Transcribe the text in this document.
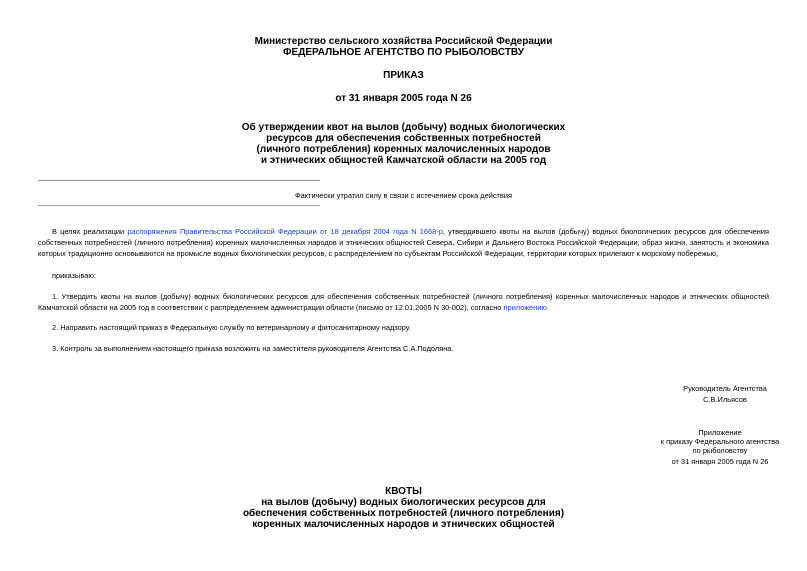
Министерство сельского хозяйства Российской Федерации
ФЕДЕРАЛЬНОЕ АГЕНТСТВО ПО РЫБОЛОВСТВУ
ПРИКАЗ
от 31 января 2005 года N 26
Об утверждении квот на вылов (добычу) водных биологических
ресурсов для обеспечения собственных потребностей
(личного потребления) коренных малочисленных народов
и этнических общностей Камчатской области на 2005 год
Фактически утратил силу в связи с истечением срока действия
В целях реализации распоряжения Правительства Российской Федерации от 18 декабря 2004 года N 1668-р, утвердившего квоты на вылов (добычу) водных биологических ресурсов для обеспечения собственных потребностей (личного потребления) коренных малочисленных народов и этнических общностей Севера, Сибири и Дальнего Востока Российской Федерации, образ жизни, занятость и экономика которых традиционно основываются на промысле водных биологических ресурсов, с распределением по субъектам Российской Федерации, территории которых прилегают к морскому побережью,
приказываю:
1. Утвердить квоты на вылов (добычу) водных биологических ресурсов для обеспечения собственных потребностей (личного потребления) коренных малочисленных народов и этнических общностей Камчатской области на 2005 год в соответствии с распределением администрации области (письмо от 12.01.2005 N 30-002), согласно приложению.
2. Направить настоящий приказ в Федеральную службу по ветеринарному и фитосанитарному надзору.
3. Контроль за выполнением настоящего приказа возложить на заместителя руководителя Агентства С.А.Подоляна.
Руководитель Агентства
С.В.Ильясов
Приложение
к приказу Федерального агентства
по рыболовству
от 31 января 2005 года N 26
КВОТЫ
на вылов (добычу) водных биологических ресурсов для
обеспечения собственных потребностей (личного потребления)
коренных малочисленных народов и этнических общностей
